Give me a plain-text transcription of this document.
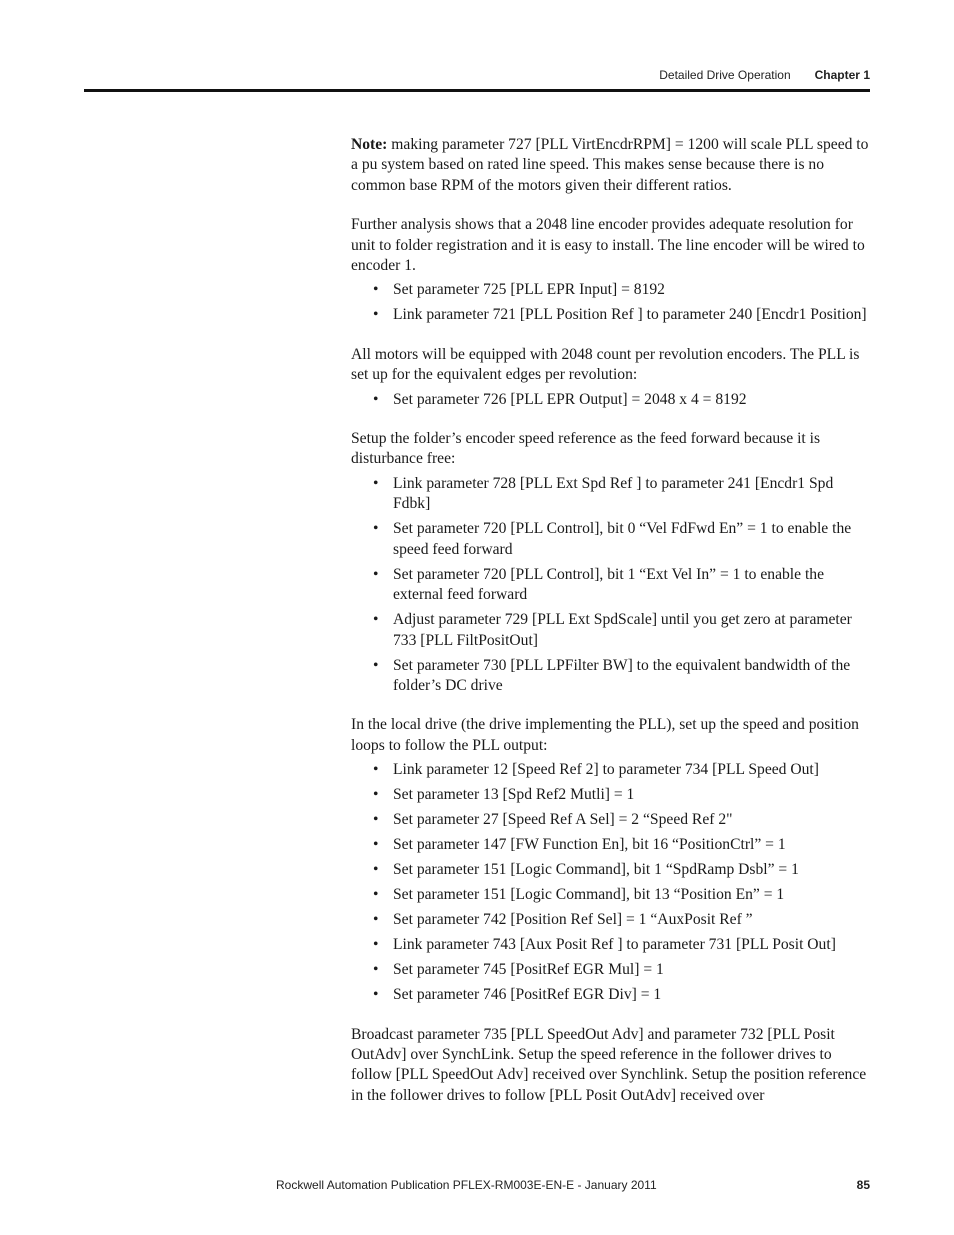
Detailed Drive Operation Chapter 1

Note: making parameter 727 [PLL VirtEncdrRPM] = 1200 will scale PLL speed to a pu system based on rated line speed. This makes sense because there is no common base RPM of the motors given their different ratios.

Further analysis shows that a 2048 line encoder provides adequate resolution for unit to folder registration and it is easy to install. The line encoder will be wired to encoder 1.

• Set parameter 725 [PLL EPR Input] = 8192
• Link parameter 721 [PLL Position Ref ] to parameter 240 [Encdr1 Position]

All motors will be equipped with 2048 count per revolution encoders. The PLL is set up for the equivalent edges per revolution:

• Set parameter 726 [PLL EPR Output] = 2048 x 4 = 8192

Setup the folder’s encoder speed reference as the feed forward because it is disturbance free:

• Link parameter 728 [PLL Ext Spd Ref ] to parameter 241 [Encdr1 Spd Fdbk]
• Set parameter 720 [PLL Control], bit 0 “Vel FdFwd En” = 1 to enable the speed feed forward
• Set parameter 720 [PLL Control], bit 1 “Ext Vel In” = 1 to enable the external feed forward
• Adjust parameter 729 [PLL Ext SpdScale] until you get zero at parameter 733 [PLL FiltPositOut]
• Set parameter 730 [PLL LPFilter BW] to the equivalent bandwidth of the folder’s DC drive

In the local drive (the drive implementing the PLL), set up the speed and position loops to follow the PLL output:

• Link parameter 12 [Speed Ref 2] to parameter 734 [PLL Speed Out]
• Set parameter 13 [Spd Ref2 Mutli] = 1
• Set parameter 27 [Speed Ref A Sel] = 2 “Speed Ref 2"
• Set parameter 147 [FW Function En], bit 16 “PositionCtrl” = 1
• Set parameter 151 [Logic Command], bit 1 “SpdRamp Dsbl” = 1
• Set parameter 151 [Logic Command], bit 13 “Position En” = 1
• Set parameter 742 [Position Ref Sel] = 1 “AuxPosit Ref ”
• Link parameter 743 [Aux Posit Ref ] to parameter 731 [PLL Posit Out]
• Set parameter 745 [PositRef EGR Mul] = 1
• Set parameter 746 [PositRef EGR Div] = 1

Broadcast parameter 735 [PLL SpeedOut Adv] and parameter 732 [PLL Posit OutAdv] over SynchLink. Setup the speed reference in the follower drives to follow [PLL SpeedOut Adv] received over Synchlink. Setup the position reference in the follower drives to follow [PLL Posit OutAdv] received over

Rockwell Automation Publication PFLEX-RM003E-EN-E - January 2011	85
